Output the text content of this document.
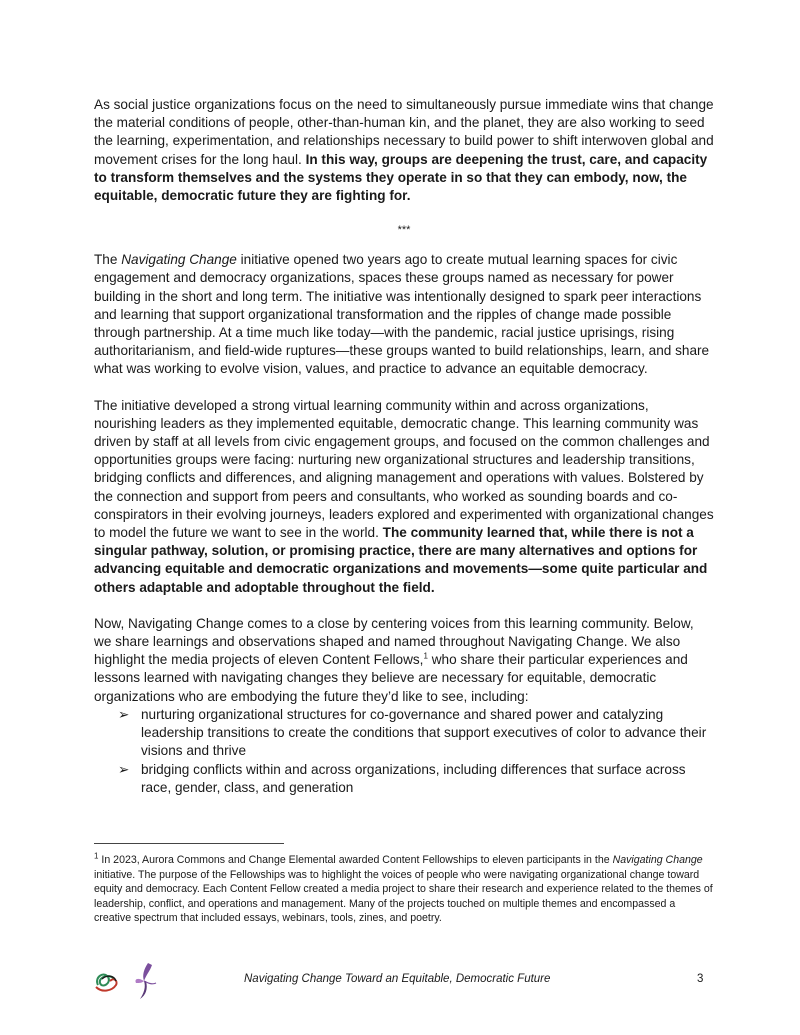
As social justice organizations focus on the need to simultaneously pursue immediate wins that change the material conditions of people, other-than-human kin, and the planet, they are also working to seed the learning, experimentation, and relationships necessary to build power to shift interwoven global and movement crises for the long haul. In this way, groups are deepening the trust, care, and capacity to transform themselves and the systems they operate in so that they can embody, now, the equitable, democratic future they are fighting for.

***

The Navigating Change initiative opened two years ago to create mutual learning spaces for civic engagement and democracy organizations, spaces these groups named as necessary for power building in the short and long term. The initiative was intentionally designed to spark peer interactions and learning that support organizational transformation and the ripples of change made possible through partnership. At a time much like today—with the pandemic, racial justice uprisings, rising authoritarianism, and field-wide ruptures—these groups wanted to build relationships, learn, and share what was working to evolve vision, values, and practice to advance an equitable democracy.

The initiative developed a strong virtual learning community within and across organizations, nourishing leaders as they implemented equitable, democratic change. This learning community was driven by staff at all levels from civic engagement groups, and focused on the common challenges and opportunities groups were facing: nurturing new organizational structures and leadership transitions, bridging conflicts and differences, and aligning management and operations with values. Bolstered by the connection and support from peers and consultants, who worked as sounding boards and co-conspirators in their evolving journeys, leaders explored and experimented with organizational changes to model the future we want to see in the world. The community learned that, while there is not a singular pathway, solution, or promising practice, there are many alternatives and options for advancing equitable and democratic organizations and movements—some quite particular and others adaptable and adoptable throughout the field.

Now, Navigating Change comes to a close by centering voices from this learning community. Below, we share learnings and observations shaped and named throughout Navigating Change. We also highlight the media projects of eleven Content Fellows,$^1$ who share their particular experiences and lessons learned with navigating changes they believe are necessary for equitable, democratic organizations who are embodying the future they’d like to see, including:

➢ nurturing organizational structures for co-governance and shared power and catalyzing leadership transitions to create the conditions that support executives of color to advance their visions and thrive
➢ bridging conflicts within and across organizations, including differences that surface across race, gender, class, and generation
$^1$ In 2023, Aurora Commons and Change Elemental awarded Content Fellowships to eleven participants in the Navigating Change initiative. The purpose of the Fellowships was to highlight the voices of people who were navigating organizational change toward equity and democracy. Each Content Fellow created a media project to share their research and experience related to the themes of leadership, conflict, and operations and management. Many of the projects touched on multiple themes and encompassed a creative spectrum that included essays, webinars, tools, zines, and poetry.
Navigating Change Toward an Equitable, Democratic Future	3
